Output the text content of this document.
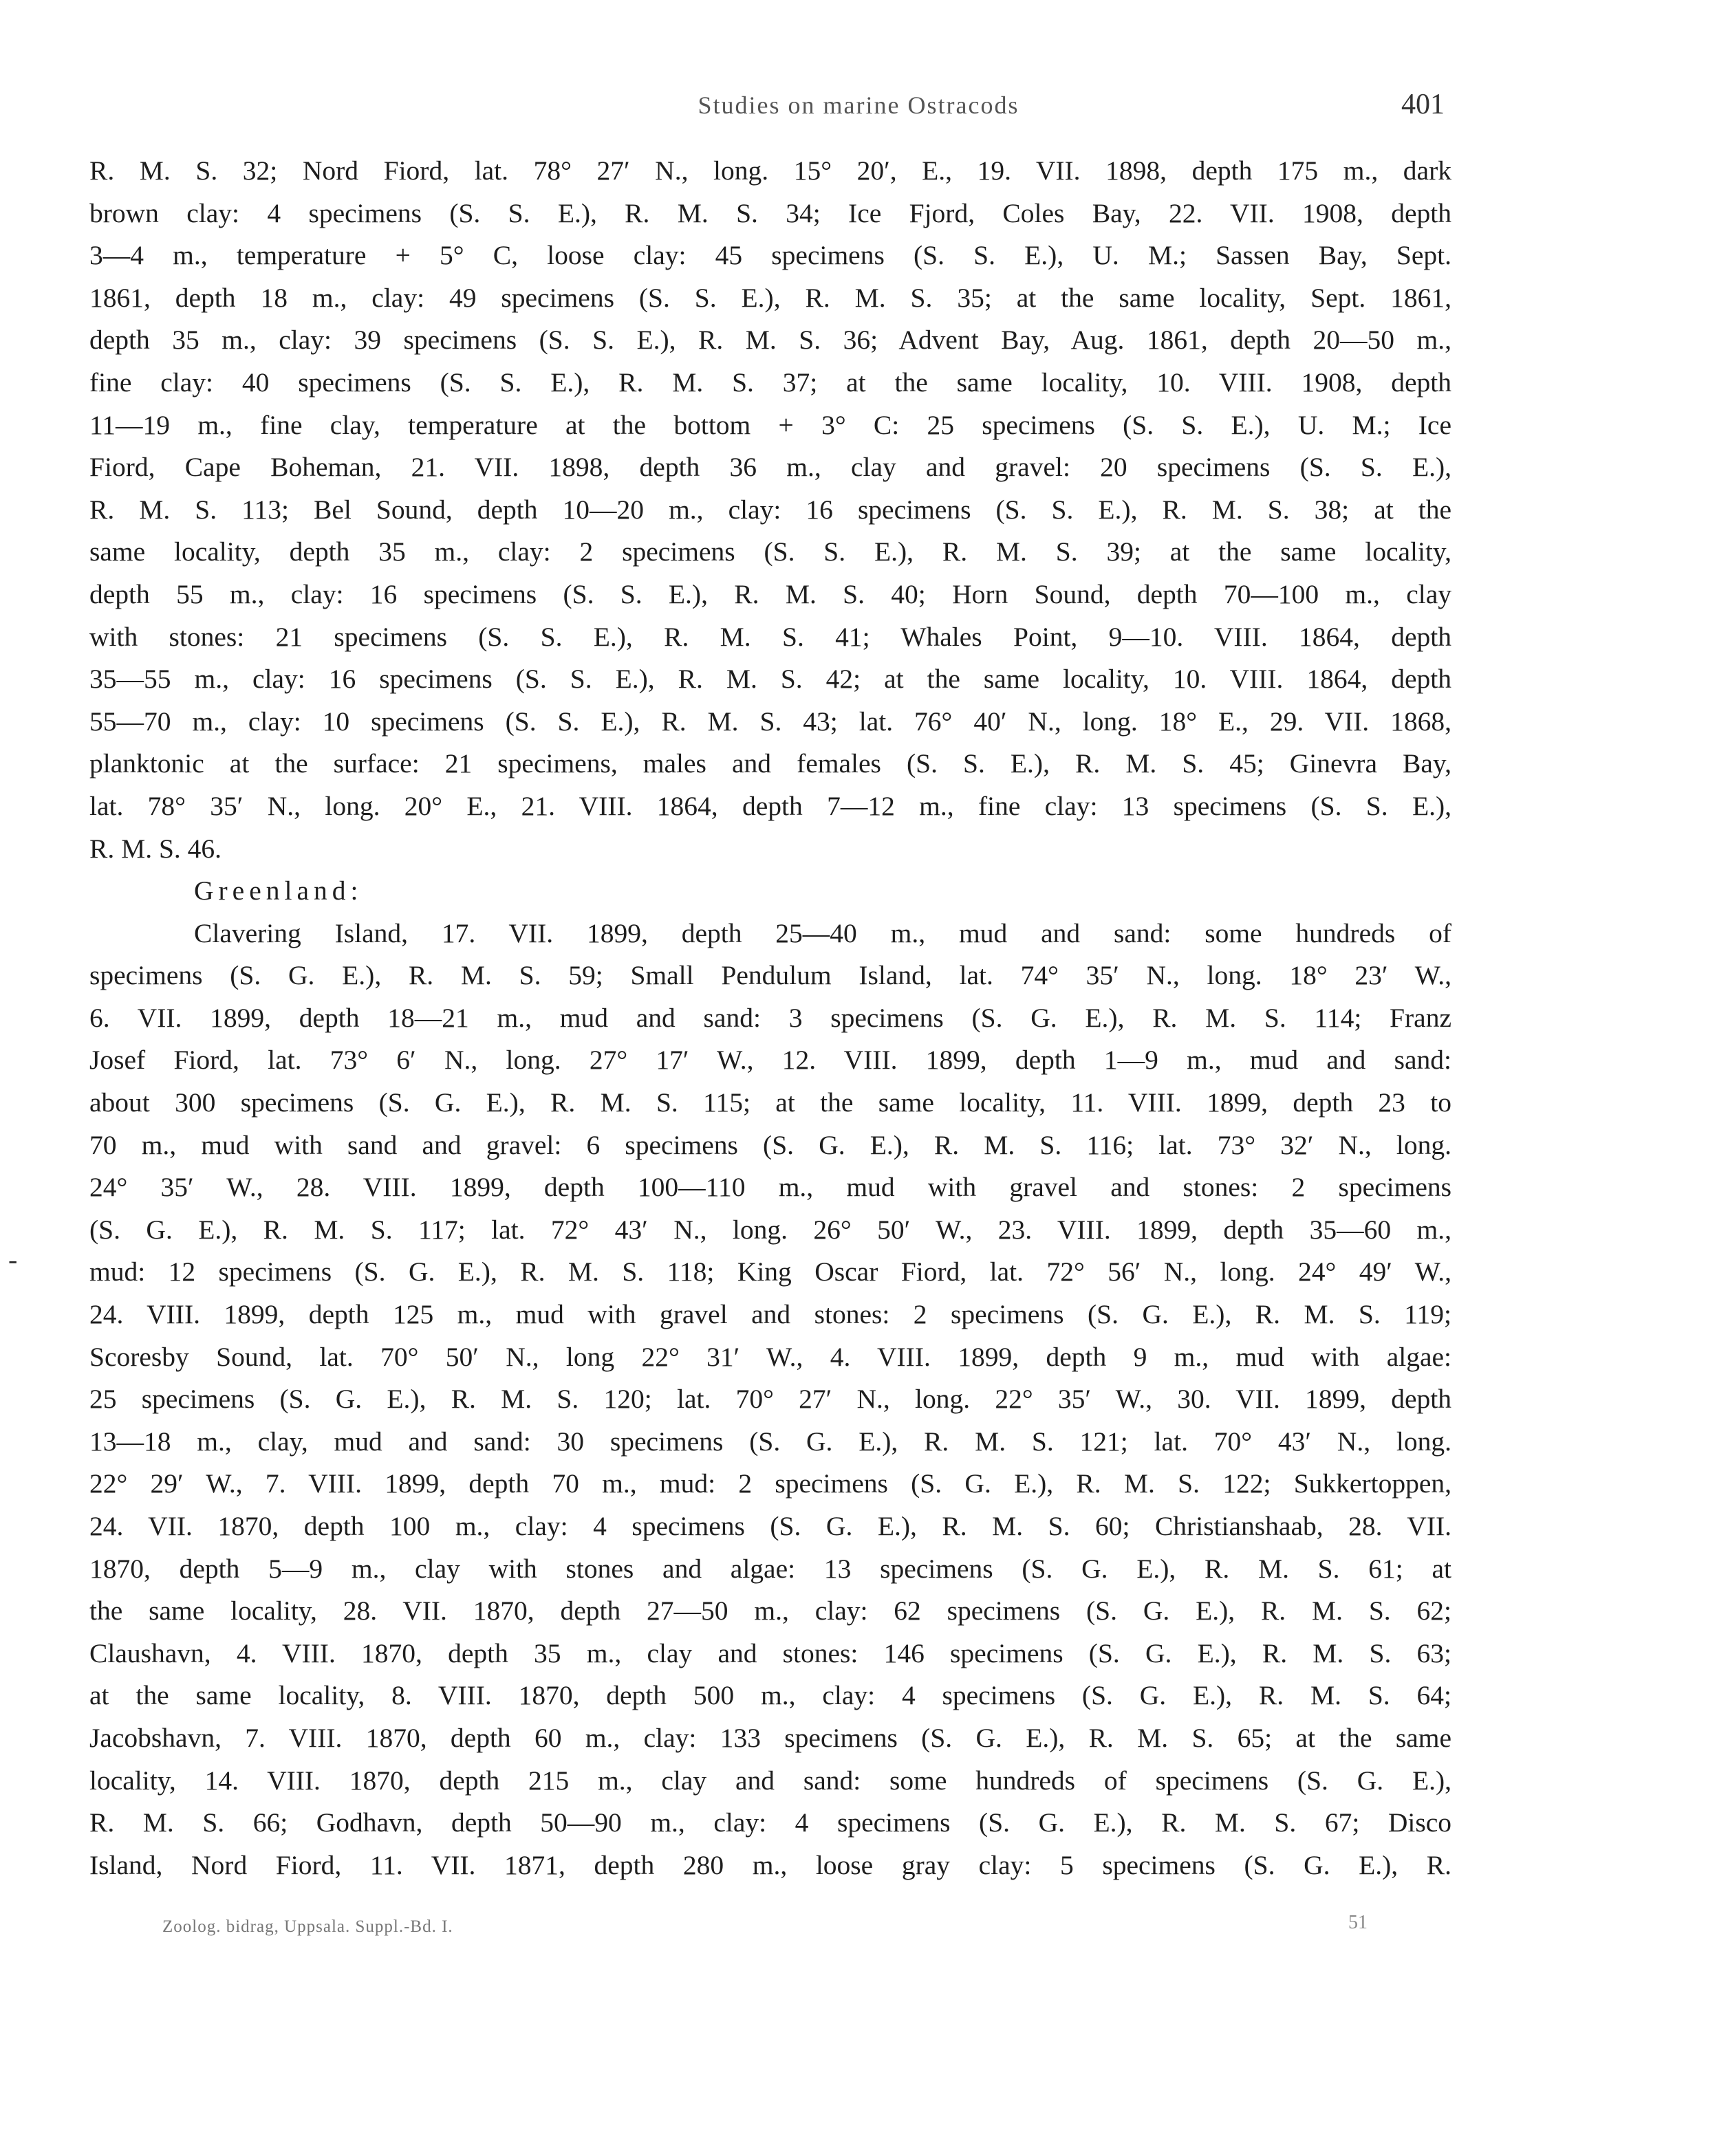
Studies on marine Ostracods	401
-
R. M. S. 32; Nord Fiord, lat. 78° 27′ N., long. 15° 20′, E., 19. VII. 1898, depth 175 m., dark
brown clay: 4 specimens (S. S. E.), R. M. S. 34; Ice Fjord, Coles Bay, 22. VII. 1908, depth
3—4 m., temperature + 5° C, loose clay: 45 specimens (S. S. E.), U. M.; Sassen Bay, Sept.
1861, depth 18 m., clay: 49 specimens (S. S. E.), R. M. S. 35; at the same locality, Sept. 1861,
depth 35 m., clay: 39 specimens (S. S. E.), R. M. S. 36; Advent Bay, Aug. 1861, depth 20—50 m.,
fine clay: 40 specimens (S. S. E.), R. M. S. 37; at the same locality, 10. VIII. 1908, depth
11—19 m., fine clay, temperature at the bottom + 3° C: 25 specimens (S. S. E.), U. M.; Ice
Fiord, Cape Boheman, 21. VII. 1898, depth 36 m., clay and gravel: 20 specimens (S. S. E.),
R. M. S. 113; Bel Sound, depth 10—20 m., clay: 16 specimens (S. S. E.), R. M. S. 38; at the
same locality, depth 35 m., clay: 2 specimens (S. S. E.), R. M. S. 39; at the same locality,
depth 55 m., clay: 16 specimens (S. S. E.), R. M. S. 40; Horn Sound, depth 70—100 m., clay
with stones: 21 specimens (S. S. E.), R. M. S. 41; Whales Point, 9—10. VIII. 1864, depth
35—55 m., clay: 16 specimens (S. S. E.), R. M. S. 42; at the same locality, 10. VIII. 1864, depth
55—70 m., clay: 10 specimens (S. S. E.), R. M. S. 43; lat. 76° 40′ N., long. 18° E., 29. VII. 1868,
planktonic at the surface: 21 specimens, males and females (S. S. E.), R. M. S. 45; Ginevra Bay,
lat. 78° 35′ N., long. 20° E., 21. VIII. 1864, depth 7—12 m., fine clay: 13 specimens (S. S. E.),
R. M. S. 46.
Greenland:
Clavering Island, 17. VII. 1899, depth 25—40 m., mud and sand: some hundreds of
specimens (S. G. E.), R. M. S. 59; Small Pendulum Island, lat. 74° 35′ N., long. 18° 23′ W.,
6. VII. 1899, depth 18—21 m., mud and sand: 3 specimens (S. G. E.), R. M. S. 114; Franz
Josef Fiord, lat. 73° 6′ N., long. 27° 17′ W., 12. VIII. 1899, depth 1—9 m., mud and sand:
about 300 specimens (S. G. E.), R. M. S. 115; at the same locality, 11. VIII. 1899, depth 23 to
70 m., mud with sand and gravel: 6 specimens (S. G. E.), R. M. S. 116; lat. 73° 32′ N., long.
24° 35′ W., 28. VIII. 1899, depth 100—110 m., mud with gravel and stones: 2 specimens
(S. G. E.), R. M. S. 117; lat. 72° 43′ N., long. 26° 50′ W., 23. VIII. 1899, depth 35—60 m.,
mud: 12 specimens (S. G. E.), R. M. S. 118; King Oscar Fiord, lat. 72° 56′ N., long. 24° 49′ W.,
24. VIII. 1899, depth 125 m., mud with gravel and stones: 2 specimens (S. G. E.), R. M. S. 119;
Scoresby Sound, lat. 70° 50′ N., long 22° 31′ W., 4. VIII. 1899, depth 9 m., mud with algae:
25 specimens (S. G. E.), R. M. S. 120; lat. 70° 27′ N., long. 22° 35′ W., 30. VII. 1899, depth
13—18 m., clay, mud and sand: 30 specimens (S. G. E.), R. M. S. 121; lat. 70° 43′ N., long.
22° 29′ W., 7. VIII. 1899, depth 70 m., mud: 2 specimens (S. G. E.), R. M. S. 122; Sukkertoppen,
24. VII. 1870, depth 100 m., clay: 4 specimens (S. G. E.), R. M. S. 60; Christianshaab, 28. VII.
1870, depth 5—9 m., clay with stones and algae: 13 specimens (S. G. E.), R. M. S. 61; at
the same locality, 28. VII. 1870, depth 27—50 m., clay: 62 specimens (S. G. E.), R. M. S. 62;
Claushavn, 4. VIII. 1870, depth 35 m., clay and stones: 146 specimens (S. G. E.), R. M. S. 63;
at the same locality, 8. VIII. 1870, depth 500 m., clay: 4 specimens (S. G. E.), R. M. S. 64;
Jacobshavn, 7. VIII. 1870, depth 60 m., clay: 133 specimens (S. G. E.), R. M. S. 65; at the same
locality, 14. VIII. 1870, depth 215 m., clay and sand: some hundreds of specimens (S. G. E.),
R. M. S. 66; Godhavn, depth 50—90 m., clay: 4 specimens (S. G. E.), R. M. S. 67; Disco
Island, Nord Fiord, 11. VII. 1871, depth 280 m., loose gray clay: 5 specimens (S. G. E.), R.
Zoolog. bidrag, Uppsala. Suppl.-Bd. I.	51
